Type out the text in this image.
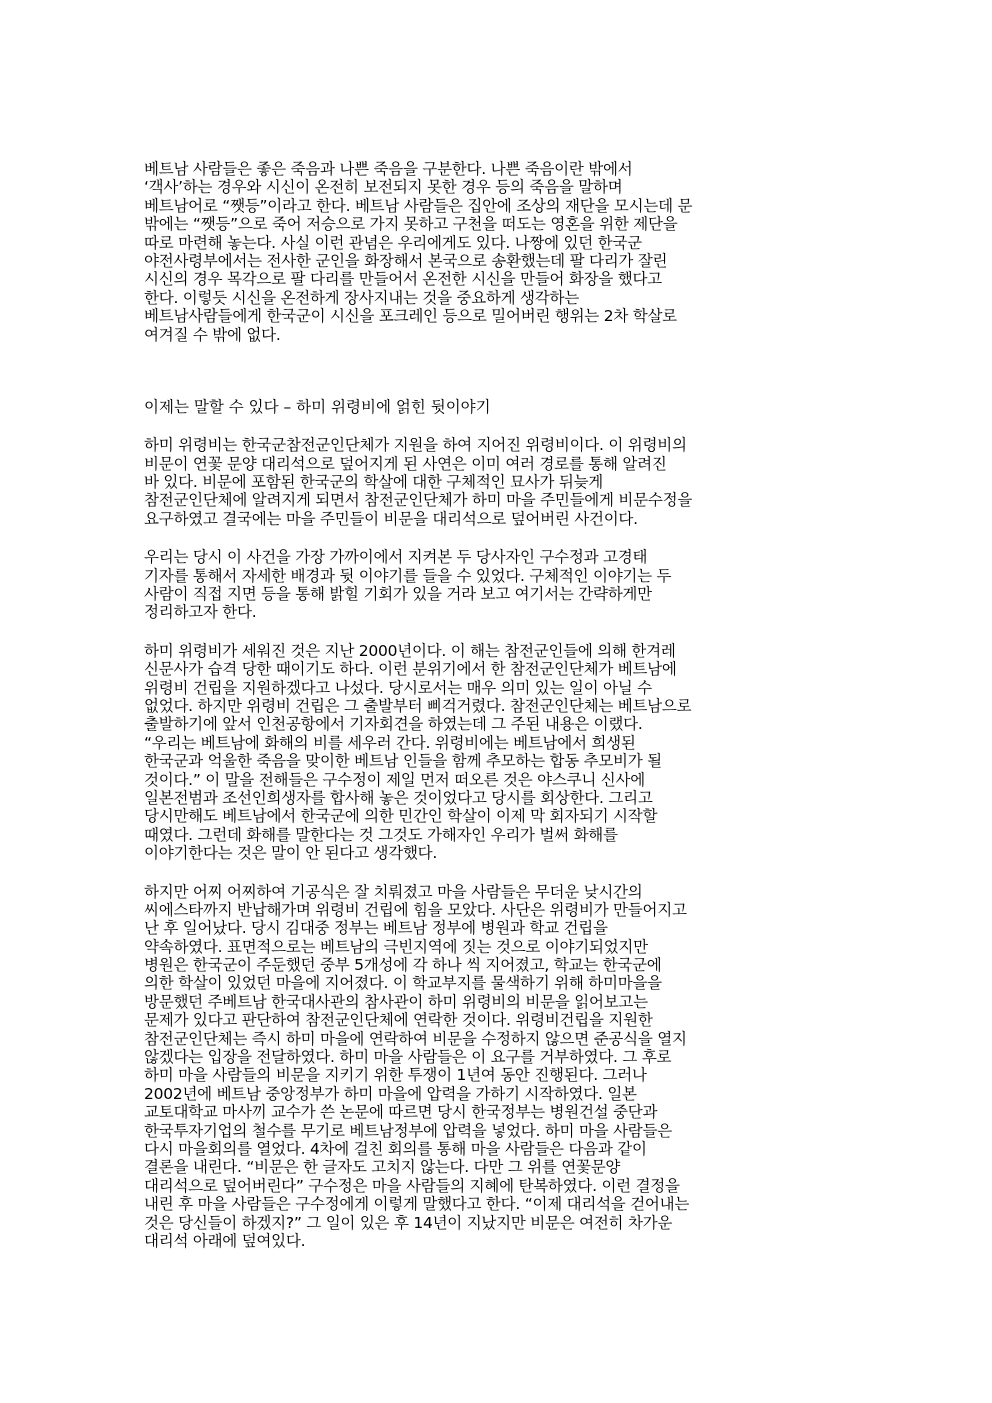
베트남 사람들은 좋은 죽음과 나쁜 죽음을 구분한다. 나쁜 죽음이란 밖에서
‘객사’하는 경우와 시신이 온전히 보전되지 못한 경우 등의 죽음을 말하며
베트남어로 “쨋등”이라고 한다. 베트남 사람들은 집안에 조상의 재단을 모시는데 문
밖에는 “쨋등”으로 죽어 저승으로 가지 못하고 구천을 떠도는 영혼을 위한 제단을
따로 마련해 놓는다. 사실 이런 관념은 우리에게도 있다. 나짱에 있던 한국군
야전사령부에서는 전사한 군인을 화장해서 본국으로 송환했는데 팔 다리가 잘린
시신의 경우 목각으로 팔 다리를 만들어서 온전한 시신을 만들어 화장을 했다고
한다. 이렇듯 시신을 온전하게 장사지내는 것을 중요하게 생각하는
베트남사람들에게 한국군이 시신을 포크레인 등으로 밀어버린 행위는 2차 학살로
여겨질 수 밖에 없다.
이제는 말할 수 있다 – 하미 위령비에 얽힌 뒷이야기
하미 위령비는 한국군참전군인단체가 지원을 하여 지어진 위령비이다. 이 위령비의
비문이 연꽃 문양 대리석으로 덮어지게 된 사연은 이미 여러 경로를 통해 알려진
바 있다. 비문에 포함된 한국군의 학살에 대한 구체적인 묘사가 뒤늦게
참전군인단체에 알려지게 되면서 참전군인단체가 하미 마을 주민들에게 비문수정을
요구하였고 결국에는 마을 주민들이 비문을 대리석으로 덮어버린 사건이다.
우리는 당시 이 사건을 가장 가까이에서 지켜본 두 당사자인 구수정과 고경태
기자를 통해서 자세한 배경과 뒷 이야기를 들을 수 있었다. 구체적인 이야기는 두
사람이 직접 지면 등을 통해 밝힐 기회가 있을 거라 보고 여기서는 간략하게만
정리하고자 한다.
하미 위령비가 세워진 것은 지난 2000년이다. 이 해는 참전군인들에 의해 한겨레
신문사가 습격 당한 때이기도 하다. 이런 분위기에서 한 참전군인단체가 베트남에
위령비 건립을 지원하겠다고 나섰다. 당시로서는 매우 의미 있는 일이 아닐 수
없었다. 하지만 위령비 건립은 그 출발부터 삐걱거렸다. 참전군인단체는 베트남으로
출발하기에 앞서 인천공항에서 기자회견을 하였는데 그 주된 내용은 이랬다.
“우리는 베트남에 화해의 비를 세우러 간다. 위령비에는 베트남에서 희생된
한국군과 억울한 죽음을 맞이한 베트남 인들을 함께 추모하는 합동 추모비가 될
것이다.” 이 말을 전해들은 구수정이 제일 먼저 떠오른 것은 야스쿠니 신사에
일본전범과 조선인희생자를 합사해 놓은 것이었다고 당시를 회상한다. 그리고
당시만해도 베트남에서 한국군에 의한 민간인 학살이 이제 막 회자되기 시작할
때였다. 그런데 화해를 말한다는 것 그것도 가해자인 우리가 벌써 화해를
이야기한다는 것은 말이 안 된다고 생각했다.
하지만 어찌 어찌하여 기공식은 잘 치뤄졌고 마을 사람들은 무더운 낮시간의
씨에스타까지 반납해가며 위령비 건립에 힘을 모았다. 사단은 위령비가 만들어지고
난 후 일어났다. 당시 김대중 정부는 베트남 정부에 병원과 학교 건립을
약속하였다. 표면적으로는 베트남의 극빈지역에 짓는 것으로 이야기되었지만
병원은 한국군이 주둔했던 중부 5개성에 각 하나 씩 지어졌고, 학교는 한국군에
의한 학살이 있었던 마을에 지어졌다. 이 학교부지를 물색하기 위해 하미마을을
방문했던 주베트남 한국대사관의 참사관이 하미 위령비의 비문을 읽어보고는
문제가 있다고 판단하여 참전군인단체에 연락한 것이다. 위령비건립을 지원한
참전군인단체는 즉시 하미 마을에 연락하여 비문을 수정하지 않으면 준공식을 열지
않겠다는 입장을 전달하였다. 하미 마을 사람들은 이 요구를 거부하였다. 그 후로
하미 마을 사람들의 비문을 지키기 위한 투쟁이 1년여 동안 진행된다. 그러나
2002년에 베트남 중앙정부가 하미 마을에 압력을 가하기 시작하였다. 일본
교토대학교 마사끼 교수가 쓴 논문에 따르면 당시 한국정부는 병원건설 중단과
한국투자기업의 철수를 무기로 베트남정부에 압력을 넣었다. 하미 마을 사람들은
다시 마을회의를 열었다. 4차에 걸친 회의를 통해 마을 사람들은 다음과 같이
결론을 내린다. “비문은 한 글자도 고치지 않는다. 다만 그 위를 연꽃문양
대리석으로 덮어버린다” 구수정은 마을 사람들의 지혜에 탄복하였다. 이런 결정을
내린 후 마을 사람들은 구수정에게 이렇게 말했다고 한다. “이제 대리석을 걷어내는
것은 당신들이 하겠지?” 그 일이 있은 후 14년이 지났지만 비문은 여전히 차가운
대리석 아래에 덮여있다.
